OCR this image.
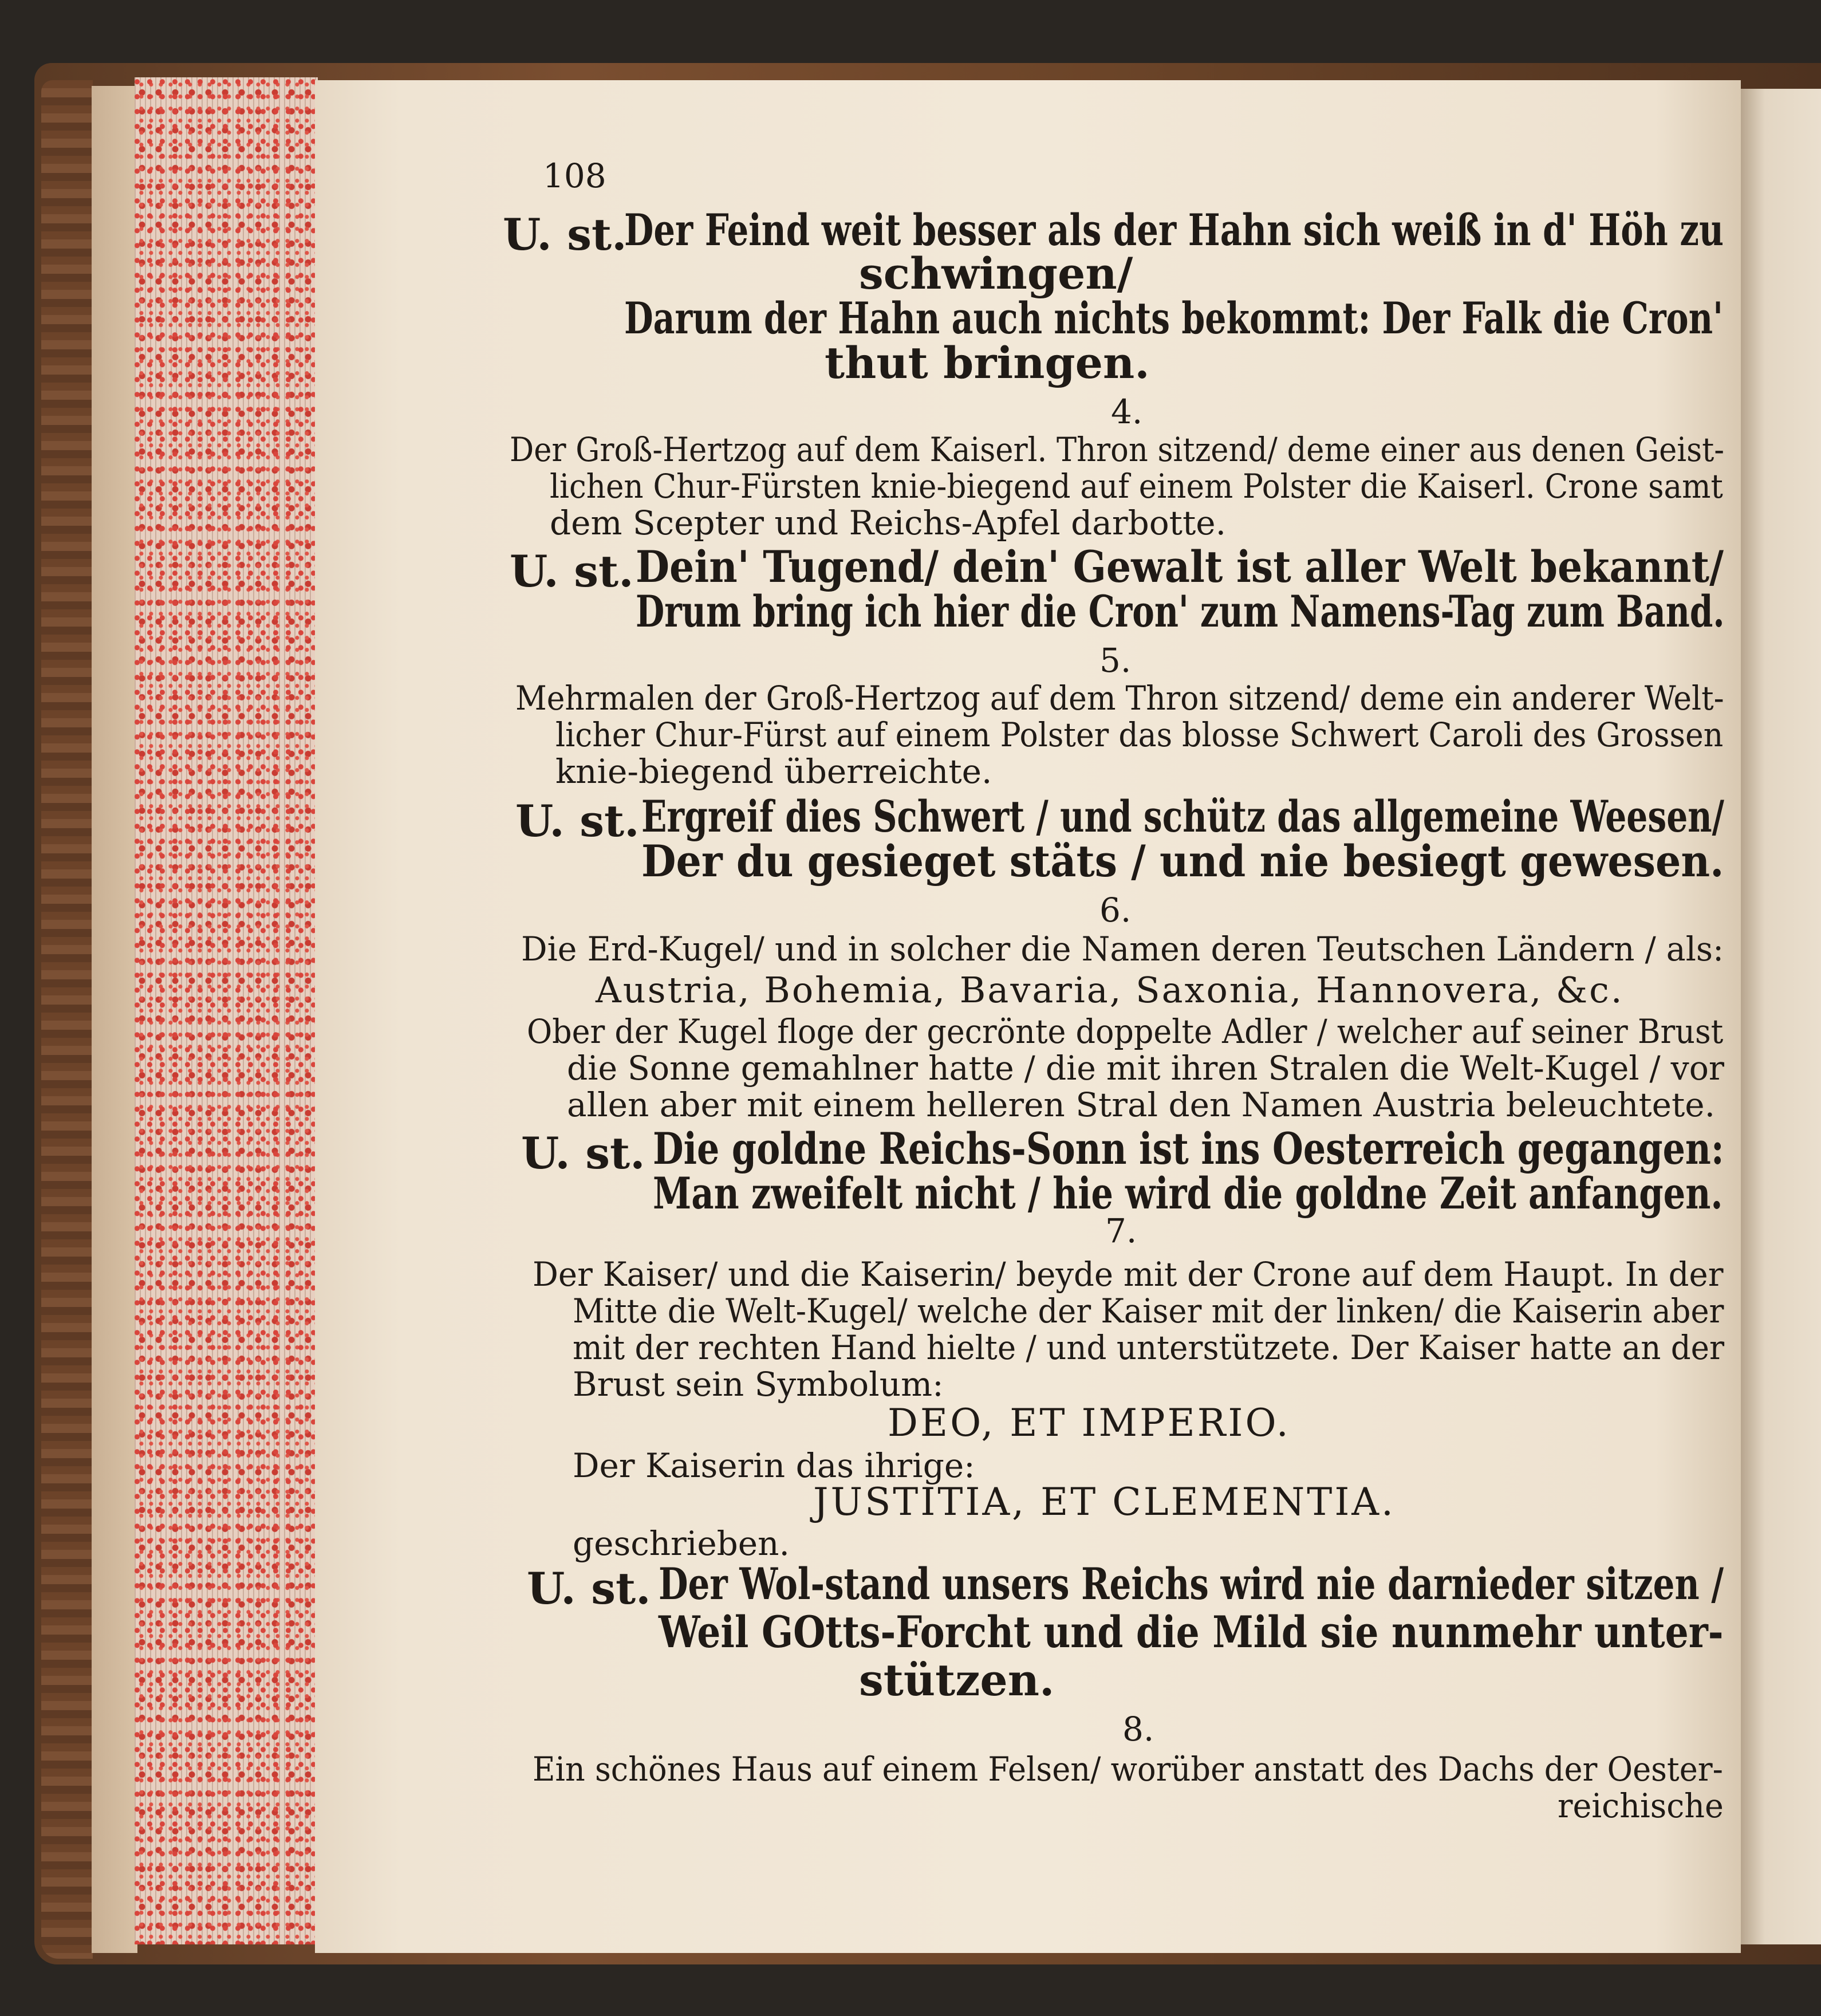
108

U. st.

Der Feind weit besser als der Hahn sich weiß in d' Höh zu

schwingen/

Darum der Hahn auch nichts bekommt: Der Falk die Cron'

thut bringen.

4.

Der Groß-Hertzog auf dem Kaiserl. Thron sitzend/ deme einer aus denen Geist-

lichen Chur-Fürsten knie-biegend auf einem Polster die Kaiserl. Crone samt

dem Scepter und Reichs-Apfel darbotte.

U. st. Dein' Tugend/ dein' Gewalt ist aller Welt bekannt/

Drum bring ich hier die Cron' zum Namens-Tag zum Band.

5.

Mehrmalen der Groß-Hertzog auf dem Thron sitzend/ deme ein anderer Welt-

licher Chur-Fürst auf einem Polster das blosse Schwert Caroli des Grossen

knie-biegend überreichte.

U. st. Ergreif dies Schwert / und schütz das allgemeine Weesen/

Der du gesieget stäts / und nie besiegt gewesen.

6.

Die Erd-Kugel/ und in solcher die Namen deren Teutschen Ländern / als:

Austria, Bohemia, Bavaria, Saxonia, Hannovera, &c.

Ober der Kugel floge der gecrönte doppelte Adler / welcher auf seiner Brust

die Sonne gemahlner hatte / die mit ihren Stralen die Welt-Kugel / vor

allen aber mit einem helleren Stral den Namen Austria beleuchtete.

U. st. Die goldne Reichs-Sonn ist ins Oesterreich gegangen:

Man zweifelt nicht / hie wird die goldne Zeit anfangen.

7.

Der Kaiser/ und die Kaiserin/ beyde mit der Crone auf dem Haupt. In der

Mitte die Welt-Kugel/ welche der Kaiser mit der linken/ die Kaiserin aber

mit der rechten Hand hielte / und unterstützete. Der Kaiser hatte an der

Brust sein Symbolum:

DEO, ET IMPERIO.

Der Kaiserin das ihrige:

JUSTITIA, ET CLEMENTIA.

geschrieben.

U. st. Der Wol-stand unsers Reichs wird nie darnieder sitzen /

Weil GOtts-Forcht und die Mild sie nunmehr unter-

stützen.

8.

Ein schönes Haus auf einem Felsen/ worüber anstatt des Dachs der Oester-

reichische
